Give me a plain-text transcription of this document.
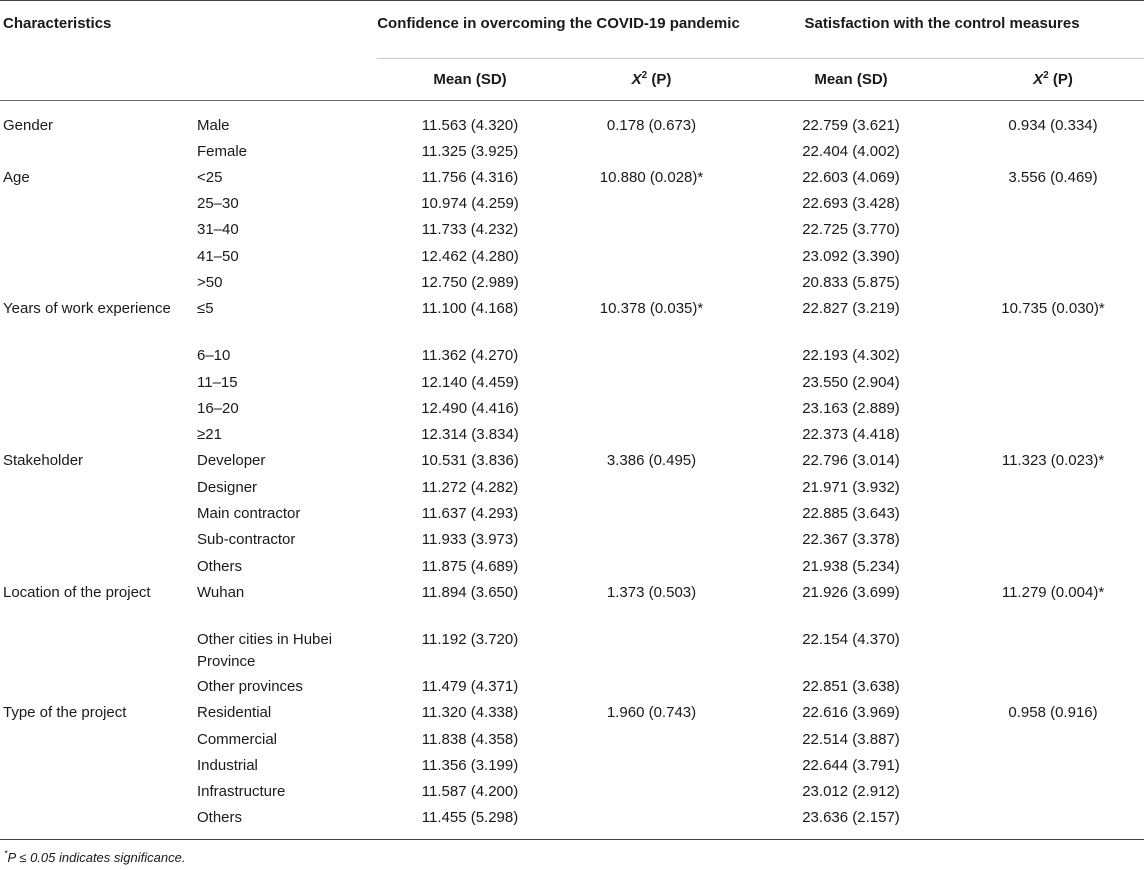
Characteristics		Confidence in overcoming the COVID-19 pandemic		Satisfaction with the control measures	
		Mean (SD)	$X^2$ (P)	Mean (SD)	$X^2$ (P)
Gender	Male	11.563 (4.320)	0.178 (0.673)	22.759 (3.621)	0.934 (0.334)
	Female	11.325 (3.925)		22.404 (4.002)	
Age	<25	11.756 (4.316)	10.880 (0.028)*	22.603 (4.069)	3.556 (0.469)
	25–30	10.974 (4.259)		22.693 (3.428)	
	31–40	11.733 (4.232)		22.725 (3.770)	
	41–50	12.462 (4.280)		23.092 (3.390)	
	>50	12.750 (2.989)		20.833 (5.875)	
Years of work experience	≤5	11.100 (4.168)	10.378 (0.035)*	22.827 (3.219)	10.735 (0.030)*
	6–10	11.362 (4.270)		22.193 (4.302)	
	11–15	12.140 (4.459)		23.550 (2.904)	
	16–20	12.490 (4.416)		23.163 (2.889)	
	≥21	12.314 (3.834)		22.373 (4.418)	
Stakeholder	Developer	10.531 (3.836)	3.386 (0.495)	22.796 (3.014)	11.323 (0.023)*
	Designer	11.272 (4.282)		21.971 (3.932)	
	Main contractor	11.637 (4.293)		22.885 (3.643)	
	Sub-contractor	11.933 (3.973)		22.367 (3.378)	
	Others	11.875 (4.689)		21.938 (5.234)	
Location of the project	Wuhan	11.894 (3.650)	1.373 (0.503)	21.926 (3.699)	11.279 (0.004)*
	Other cities in Hubei Province	11.192 (3.720)		22.154 (4.370)	
	Other provinces	11.479 (4.371)		22.851 (3.638)	
Type of the project	Residential	11.320 (4.338)	1.960 (0.743)	22.616 (3.969)	0.958 (0.916)
	Commercial	11.838 (4.358)		22.514 (3.887)	
	Industrial	11.356 (3.199)		22.644 (3.791)	
	Infrastructure	11.587 (4.200)		23.012 (2.912)	
	Others	11.455 (5.298)		23.636 (2.157)	
*P ≤ 0.05 indicates significance.
